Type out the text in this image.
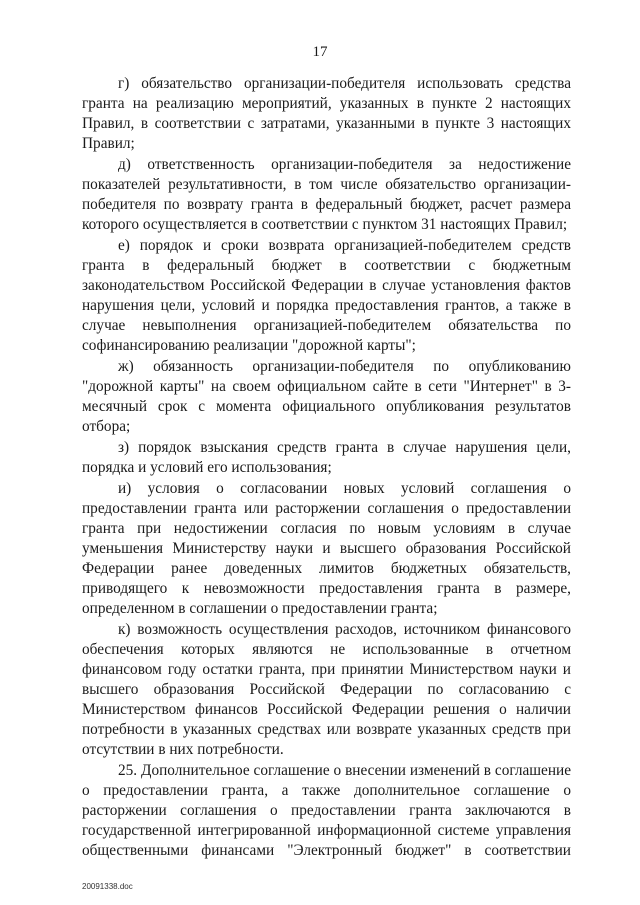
17

г) обязательство организации-победителя использовать средства гранта на реализацию мероприятий, указанных в пункте 2 настоящих Правил, в соответствии с затратами, указанными в пункте 3 настоящих Правил;

д) ответственность организации-победителя за недостижение показателей результативности, в том числе обязательство организации-победителя по возврату гранта в федеральный бюджет, расчет размера которого осуществляется в соответствии с пунктом 31 настоящих Правил;

е) порядок и сроки возврата организацией-победителем средств гранта в федеральный бюджет в соответствии с бюджетным законодательством Российской Федерации в случае установления фактов нарушения цели, условий и порядка предоставления грантов, а также в случае невыполнения организацией-победителем обязательства по софинансированию реализации "дорожной карты";

ж) обязанность организации-победителя по опубликованию "дорожной карты" на своем официальном сайте в сети "Интернет" в 3-месячный срок с момента официального опубликования результатов отбора;

з) порядок взыскания средств гранта в случае нарушения цели, порядка и условий его использования;

и) условия о согласовании новых условий соглашения о предоставлении гранта или расторжении соглашения о предоставлении гранта при недостижении согласия по новым условиям в случае уменьшения Министерству науки и высшего образования Российской Федерации ранее доведенных лимитов бюджетных обязательств, приводящего к невозможности предоставления гранта в размере, определенном в соглашении о предоставлении гранта;

к) возможность осуществления расходов, источником финансового обеспечения которых являются не использованные в отчетном финансовом году остатки гранта, при принятии Министерством науки и высшего образования Российской Федерации по согласованию с Министерством финансов Российской Федерации решения о наличии потребности в указанных средствах или возврате указанных средств при отсутствии в них потребности.

25. Дополнительное соглашение о внесении изменений в соглашение о предоставлении гранта, а также дополнительное соглашение о расторжении соглашения о предоставлении гранта заключаются в государственной интегрированной информационной системе управления общественными финансами "Электронный бюджет" в соответствии

20091338.doc
